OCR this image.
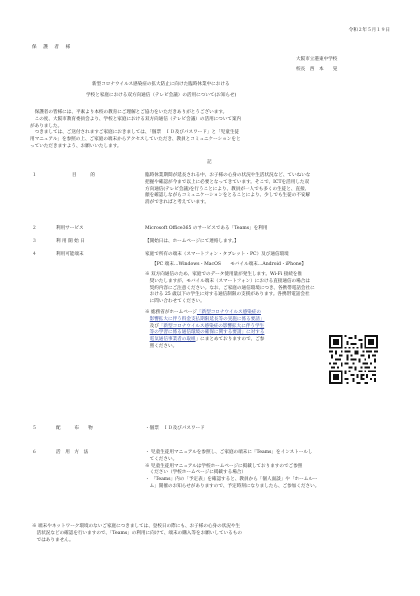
令和２年５月１９日
保　護　者　様
大阪市立港東中学校
校長　西　本　　晃
新型コロナウイルス感染症の拡大防止に向けた臨時休業中における
学校と家庭における双方向通信（テレビ会議）の活用について(お知らせ)
　保護者の皆様には、平素より本校の教育にご理解とご協力をいただきありがとうございます。
　この度、大阪市教育委員会より、学校と家庭における双方向通信（テレビ会議）の活用について案内
がありました。
　つきましては、ご送付されますご家庭におきましては、「個票　ＩＤ及びパスワード」と「児童生徒
用マニュアル」を参照の上、ご家庭の端末からアクセスしていただき、教員とコミュニケーションをと
っていただきますよう、お願いいたします。
記
１	目　　　的	臨時休業期間が延長される中、お子様の心身の状況や生活状況など、ていねいな
把握や確認が今まで以上に必要となってきています。そこで、ICTを活用した双
方向通信(テレビ会議)を行うことにより、教員が一人でも多くの生徒と、直接、
顔を確認しながらコミュニケーションをとることにより、少しでも生徒の不安解
消ができればと考えています。
２	利用サービス	Microsoft Office365 のサービスである「Teams」を利用
３	利 用 開 始 日	【開始日は、ホームページにて連絡します。】
４	利用可能端末	家庭で所有の端末（スマートフォン・タブレット・PC）及び通信環境
【PC 端末…Windows・MacOS　　モバイル端末…Android・iPhone】
※ 双方向通信のため、家庭でのデータ使用量が発生します。Wi-Fi 接続を推
　奨いたしますが、モバイル端末（スマートフォン）における直接通信の場合は
　契約内容にご注意ください。なお、ご家庭の通信環境につき、各携帯電話会社に
　おける 25 歳以下の学生に対する通信制限の支援があります。各携帯電話会社
　に問い合わせてください。
※ 総務省がホームページ「新型コロナウイルス感染症の
　影響拡大に伴う料金支払期限延長等の実施に係る要請」
　及び「新型コロナウイルス感染症の影響拡大に伴う学生
　等の学習に係る通信環境の確保に関する要請」に対する
　電気通信事業者の取組」にまとめておりますので、ご参
　照ください。
５	配　　　布　　物	・個票　ＩＤ及びパスワード
６	活　用　方　法	・ 児童生徒用マニュアルを参照し、ご家庭の端末に「Teams」をインストールし
　てください。
※ 児童生徒用マニュアルは学校ホームページに掲載しておりますのでご参照
　ください（学校ホームページに掲載する場合）
・ 「Teams」内の「予定表」を確認すると、教員から「個人面談」や「ホームルー
　ム」開催のお知らせがありますので、予定時刻になりましたら、ご参加ください。
※ 端末やネットワーク環境のないご家庭につきましては、登校日の際にも、お子様の心身の状況や生
　活状況などの確認を行いますので、「Teams」の利用に向けて、端末の購入等をお願いしているもの
　ではありません。
